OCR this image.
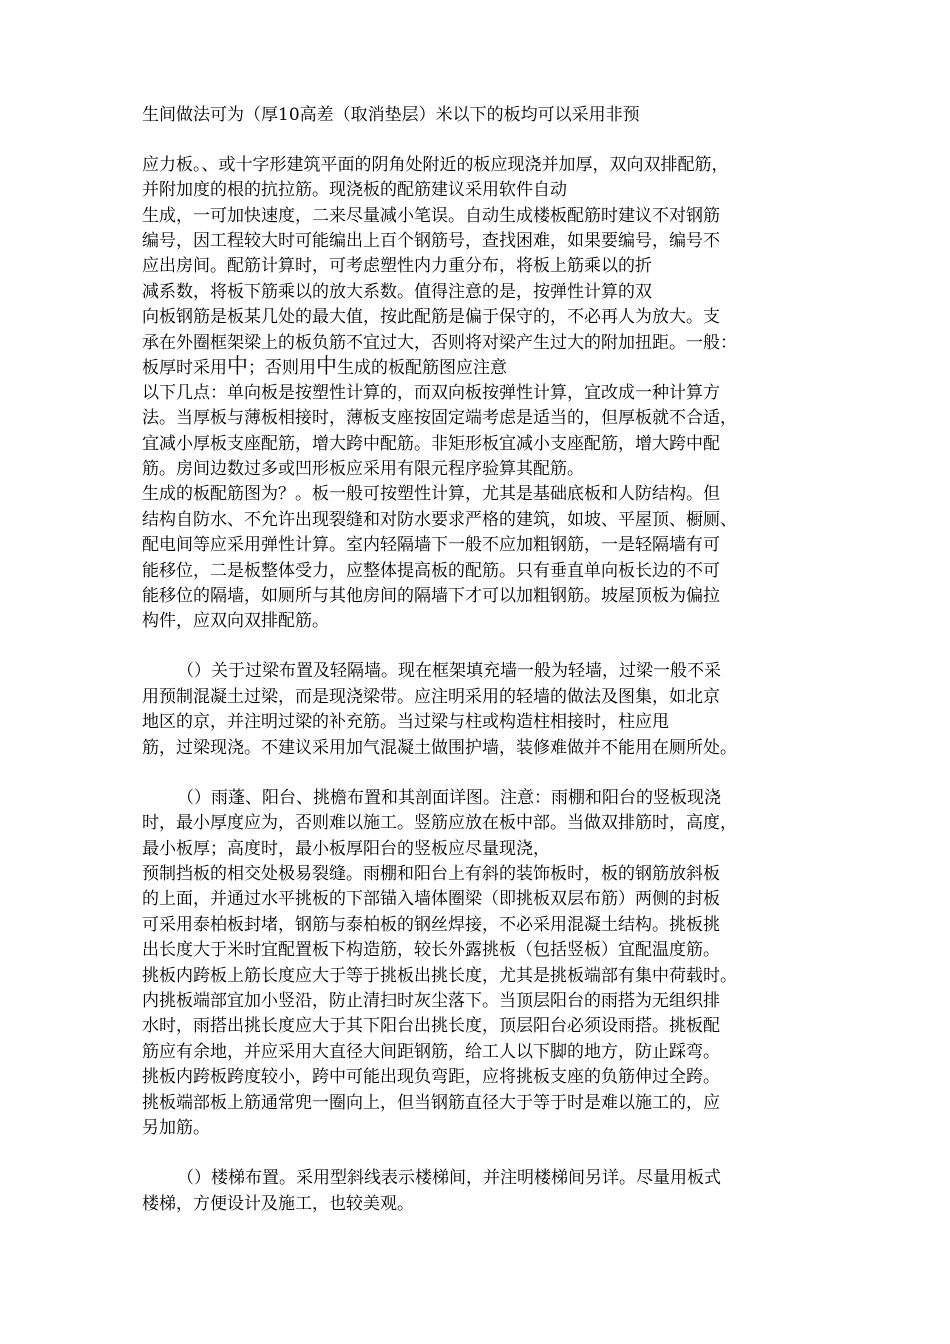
生间做法可为（厚10高差（取消垫层）米以下的板均可以采用非预
应力板。、或十字形建筑平面的阴角处附近的板应现浇并加厚，双向双排配筋，
并附加度的根的抗拉筋。现浇板的配筋建议采用软件自动
生成，一可加快速度，二来尽量减小笔误。自动生成楼板配筋时建议不对钢筋
编号，因工程较大时可能编出上百个钢筋号，查找困难，如果要编号，编号不
应出房间。配筋计算时，可考虑塑性内力重分布，将板上筋乘以的折
减系数，将板下筋乘以的放大系数。值得注意的是，按弹性计算的双
向板钢筋是板某几处的最大值，按此配筋是偏于保守的，不必再人为放大。支
承在外圈框架梁上的板负筋不宜过大，否则将对梁产生过大的附加扭距。一般：
板厚时采用中；否则用中生成的板配筋图应注意
以下几点：单向板是按塑性计算的，而双向板按弹性计算，宜改成一种计算方
法。当厚板与薄板相接时，薄板支座按固定端考虑是适当的，但厚板就不合适，
宜减小厚板支座配筋，增大跨中配筋。非矩形板宜减小支座配筋，增大跨中配
筋。房间边数过多或凹形板应采用有限元程序验算其配筋。
生成的板配筋图为？。板一般可按塑性计算，尤其是基础底板和人防结构。但
结构自防水、不允许出现裂缝和对防水要求严格的建筑，如坡、平屋顶、橱厕、
配电间等应采用弹性计算。室内轻隔墙下一般不应加粗钢筋，一是轻隔墙有可
能移位，二是板整体受力，应整体提高板的配筋。只有垂直单向板长边的不可
能移位的隔墙，如厕所与其他房间的隔墙下才可以加粗钢筋。坡屋顶板为偏拉
构件，应双向双排配筋。
（）关于过梁布置及轻隔墙。现在框架填充墙一般为轻墙，过梁一般不采
用预制混凝土过梁，而是现浇梁带。应注明采用的轻墙的做法及图集，如北京
地区的京，并注明过梁的补充筋。当过梁与柱或构造柱相接时，柱应甩
筋，过梁现浇。不建议采用加气混凝土做围护墙，装修难做并不能用在厕所处。
（）雨蓬、阳台、挑檐布置和其剖面详图。注意：雨棚和阳台的竖板现浇
时，最小厚度应为，否则难以施工。竖筋应放在板中部。当做双排筋时，高度，
最小板厚；高度时，最小板厚阳台的竖板应尽量现浇，
预制挡板的相交处极易裂缝。雨棚和阳台上有斜的装饰板时，板的钢筋放斜板
的上面，并通过水平挑板的下部锚入墙体圈梁（即挑板双层布筋）两侧的封板
可采用泰柏板封堵，钢筋与泰柏板的钢丝焊接，不必采用混凝土结构。挑板挑
出长度大于米时宜配置板下构造筋，较长外露挑板（包括竖板）宜配温度筋。
挑板内跨板上筋长度应大于等于挑板出挑长度，尤其是挑板端部有集中荷载时。
内挑板端部宜加小竖沿，防止清扫时灰尘落下。当顶层阳台的雨搭为无组织排
水时，雨搭出挑长度应大于其下阳台出挑长度，顶层阳台必须设雨搭。挑板配
筋应有余地，并应采用大直径大间距钢筋，给工人以下脚的地方，防止踩弯。
挑板内跨板跨度较小，跨中可能出现负弯距，应将挑板支座的负筋伸过全跨。
挑板端部板上筋通常兜一圈向上，但当钢筋直径大于等于时是难以施工的，应
另加筋。
（）楼梯布置。采用型斜线表示楼梯间，并注明楼梯间另详。尽量用板式
楼梯，方便设计及施工，也较美观。
